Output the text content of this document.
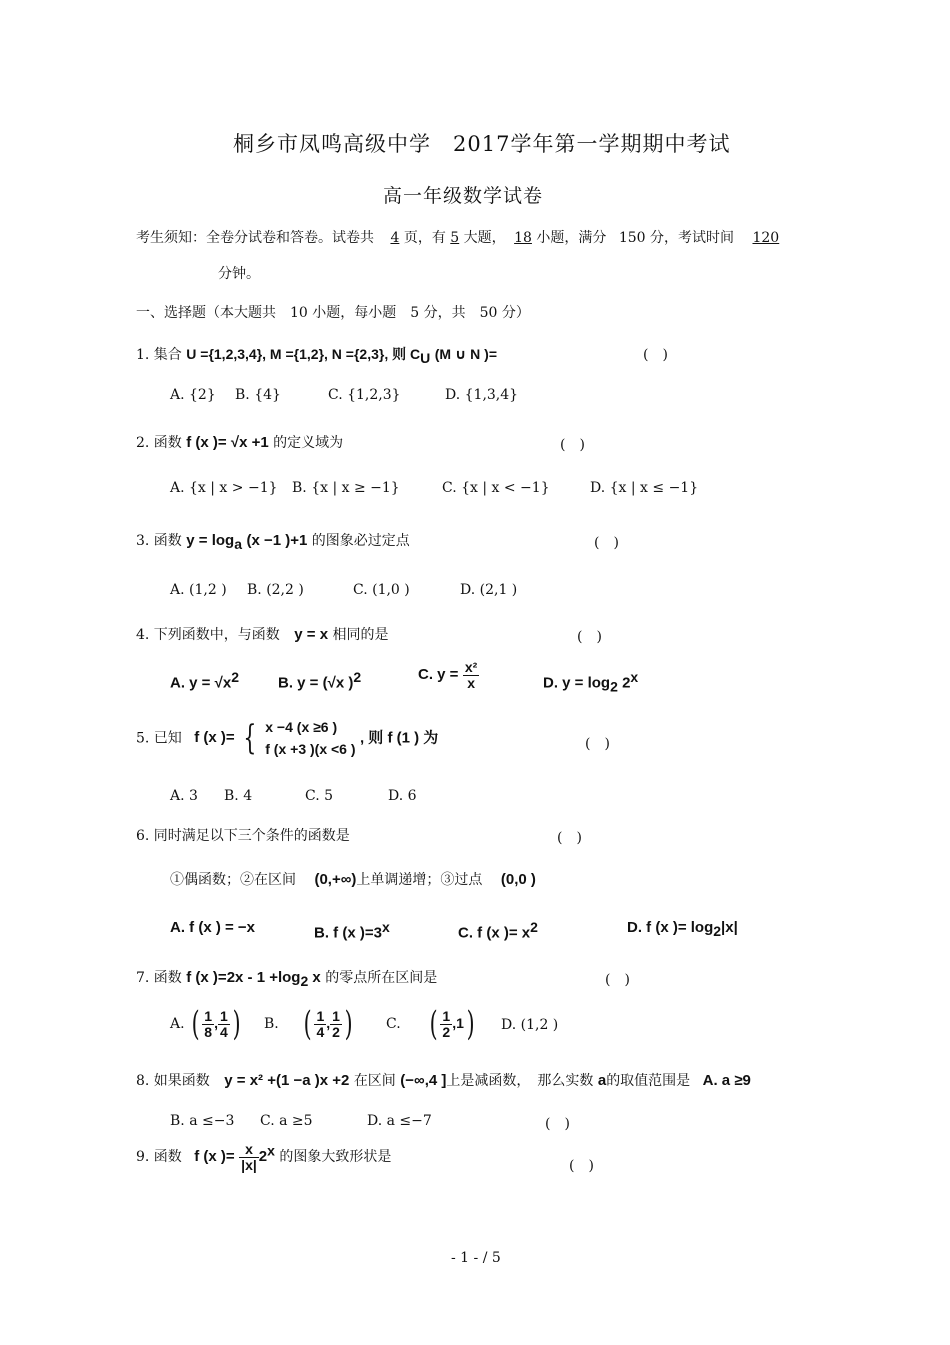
桐乡市凤鸣高级中学　2017学年第一学期期中考试
高一年级数学试卷
考生须知：全卷分试卷和答卷。试卷共 4 页，有 5 大题， 18 小题，满分 150 分，考试时间 120
分钟。
一、选择题（本大题共　10 小题，每小题　5 分，共　50 分）
1. 集合 U ={1,2,3,4}, M ={1,2}, N ={2,3}, 则 $C_U$ (M ∪ N )=	(　)
A. {2} B. {4}	C. {1,2,3}	D. {1,3,4}
2. 函数 f (x )= √x +1 的定义域为	(　)
A. {x | x > −1} B. {x | x ≥ −1}	C. {x | x < −1}	D. {x | x ≤ −1}
3. 函数 $y = \log_a (x -1$ )+1 的图象必过定点	(　)
A. (1,2 ) B. (2,2 )	C. (1,0 )	D. (2,1 )
4. 下列函数中，与函数 y = x 相同的是	(　)
A. $y = √x^2$	B. y = (√x )$^2$	C. $y = \frac{\text{x²}}{x}$	D. $y = \log_2 2^x$
5. 已知 f (x )= { x −4 (x ≥6 )
f (x +3 )(x <6 )
, 则 f (1 ) 为	(　)
A. 3 B. 4	C. 5	D. 6
6. 同时满足以下三个条件的函数是	(　)
①偶函数；②在区间 (0,+∞)上单调递增；③过点 (0,0 )
A. f (x ) = −x	B. f (x )$=3^x$	C. f (x )= $x^2$	D. f (x )= $\log_2|x|$
7. 函数 f (x )$=2x - 1 +\log_2$ x 的零点所在区间是	(　)
A. ( $\frac{1}{8}$ , $\frac{1}{4}$ ) B. ( $\frac{1}{4}$ , $\frac{1}{2}$ ) C. ( $\frac{1}{2} ,1$) D. (1,2 )
8. 如果函数 y = x² +(1 −a )x +2 在区间 (−∞,4 ]上是减函数，　那么实数 a的取值范围是 A. a ≥9
B. a ≤−3 C. a ≥5	D. a ≤−7	(　)
9. 函数 f (x )= $\frac{x}{|x|} 2^x$ 的图象大致形状是
(　)
- 1 - / 5
